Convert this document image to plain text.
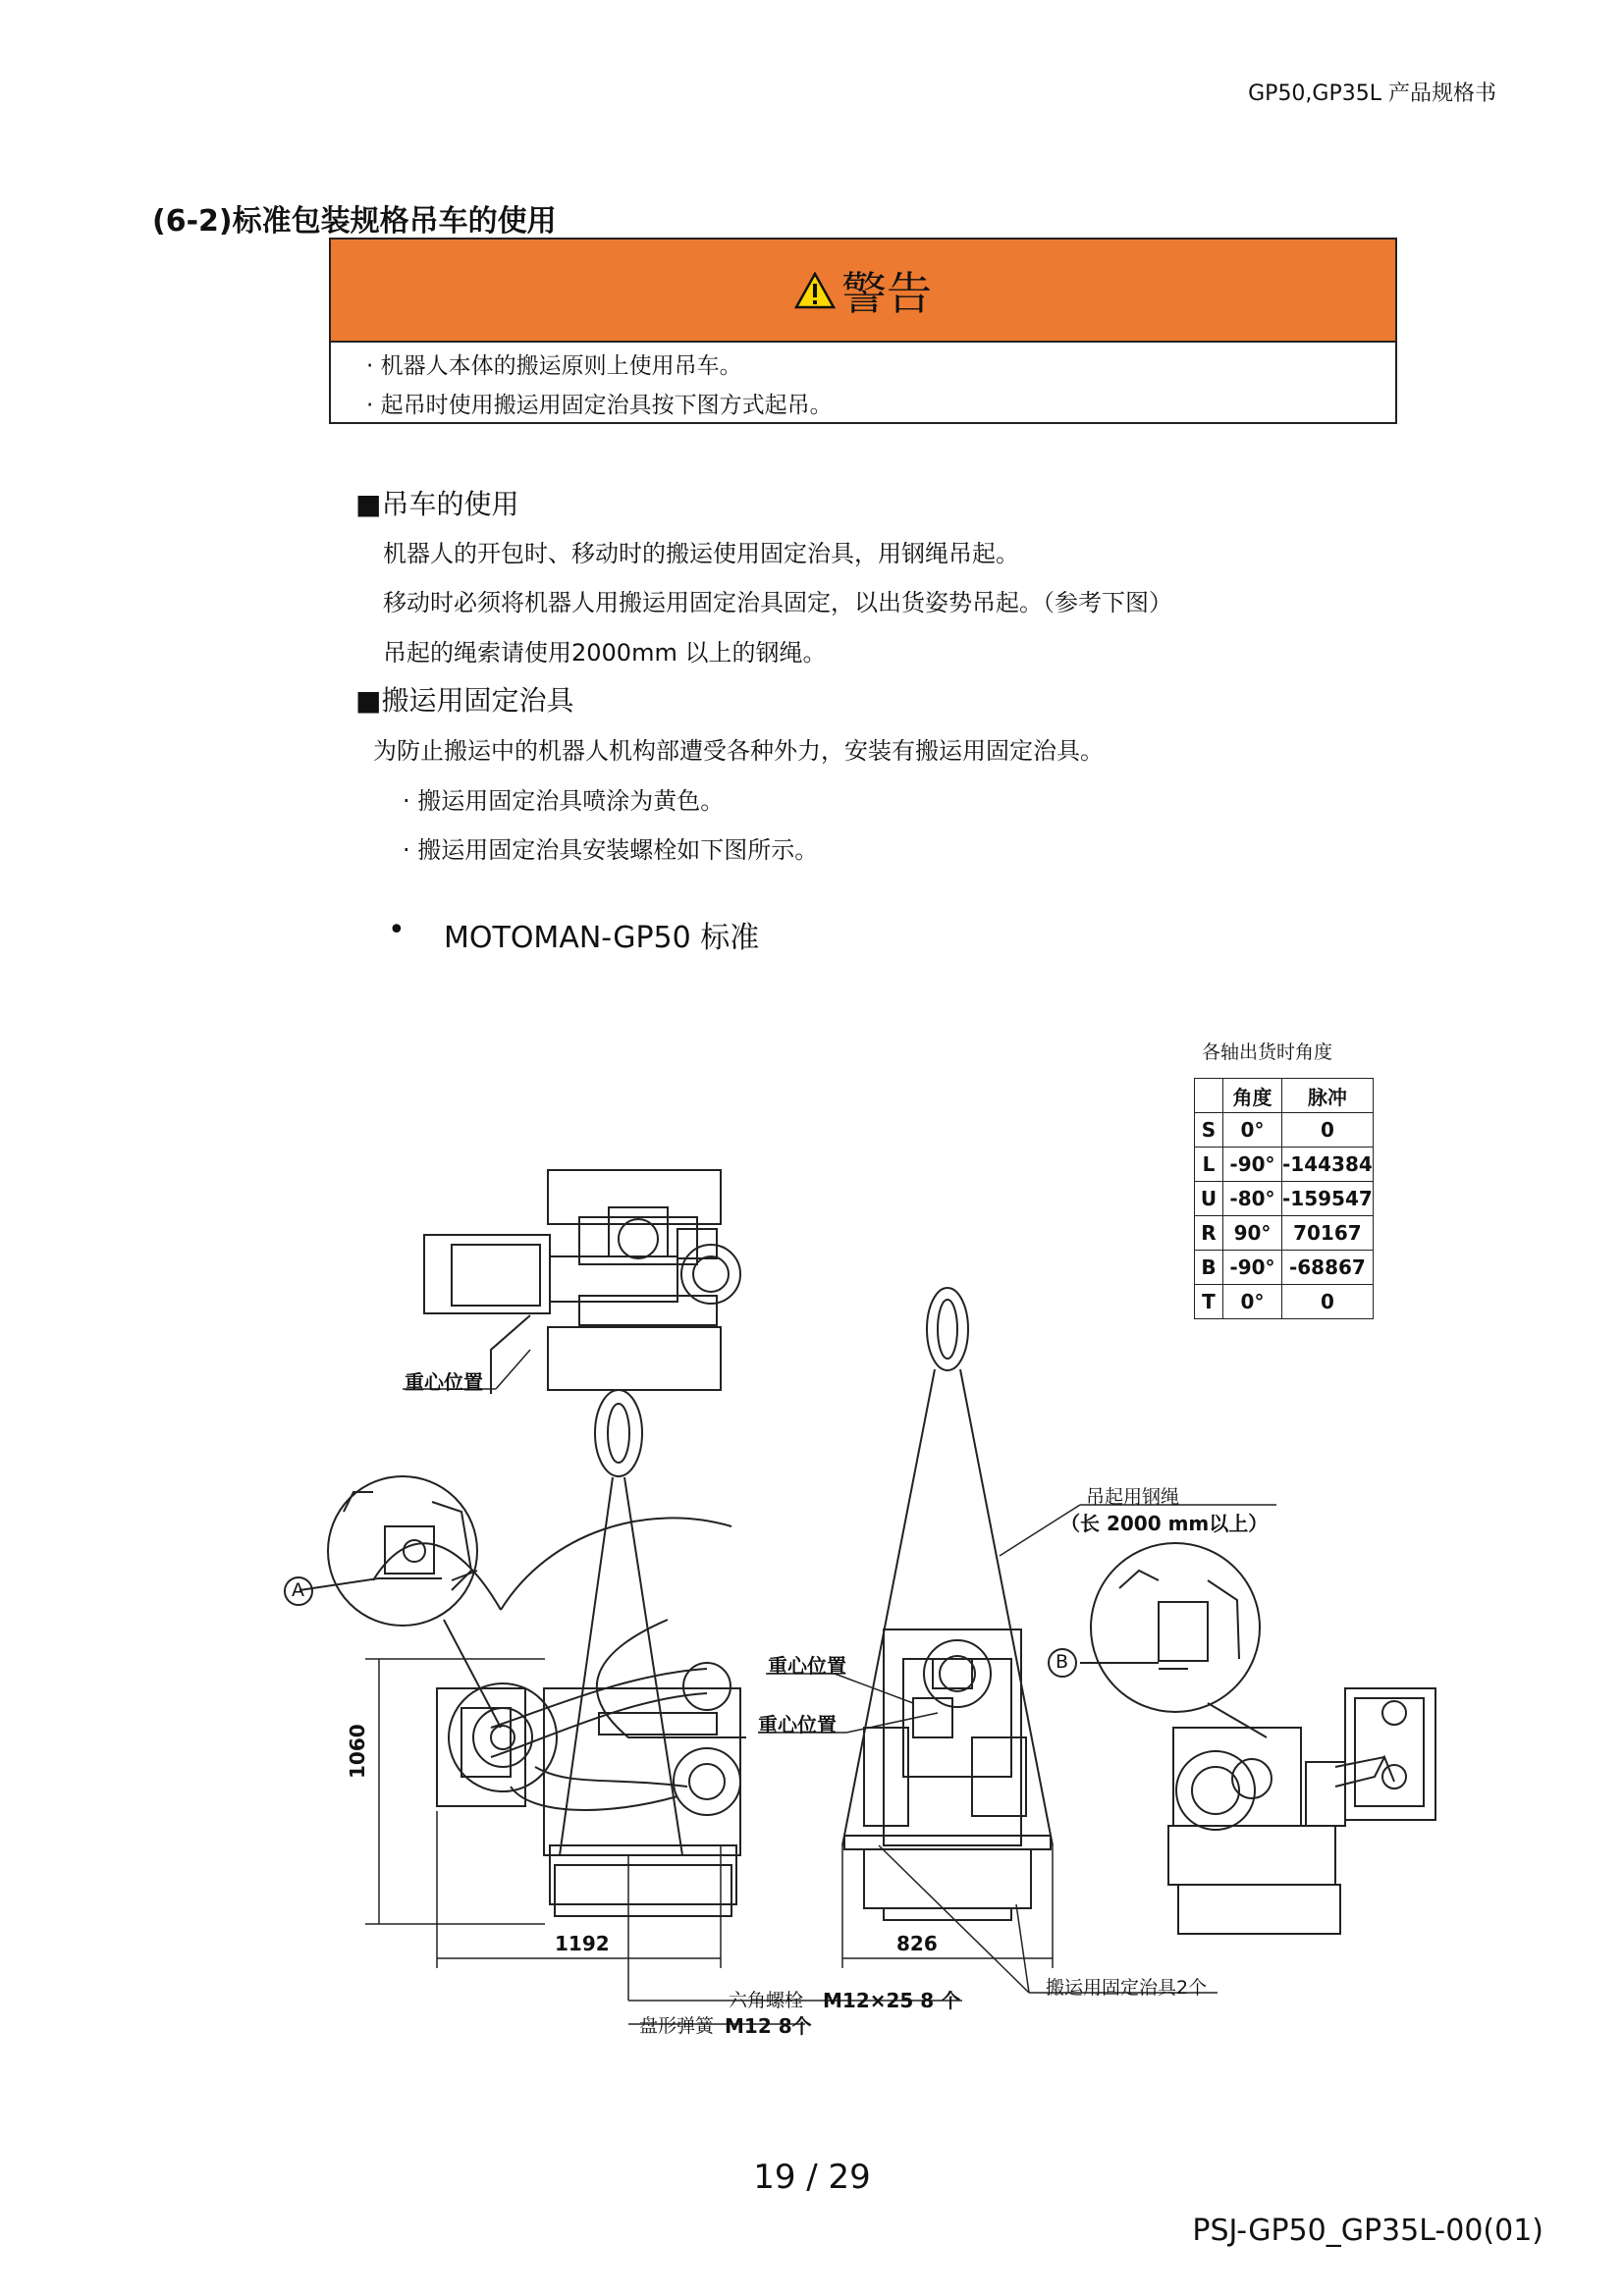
GP50,GP35L 产品规格书
(6-2)标准包装规格吊车的使用
警告
· 机器人本体的搬运原则上使用吊车。
· 起吊时使用搬运用固定治具按下图方式起吊。
■吊车的使用
机器人的开包时、移动时的搬运使用固定治具，用钢绳吊起。
移动时必须将机器人用搬运用固定治具固定，以出货姿势吊起。（参考下图）
吊起的绳索请使用2000mm 以上的钢绳。
■搬运用固定治具
为防止搬运中的机器人机构部遭受各种外力，安装有搬运用固定治具。
· 搬运用固定治具喷涂为黄色。
· 搬运用固定治具安装螺栓如下图所示。
• MOTOMAN-GP50 标准
各轴出货时角度
	角度	脉冲
S	0°	0
L	-90°	-144384
U	-80°	-159547
R	90°	70167
B	-90°	-68867
T	0°	0
重心位置
重心位置
重心位置
吊起用钢绳
（长 2000 mm以上）
A
B
1060
1192	826
六角螺栓 M12×25 8 个
盘形弹簧 M12 8个
搬运用固定治具2个
19 / 29
PSJ-GP50_GP35L-00(01)
